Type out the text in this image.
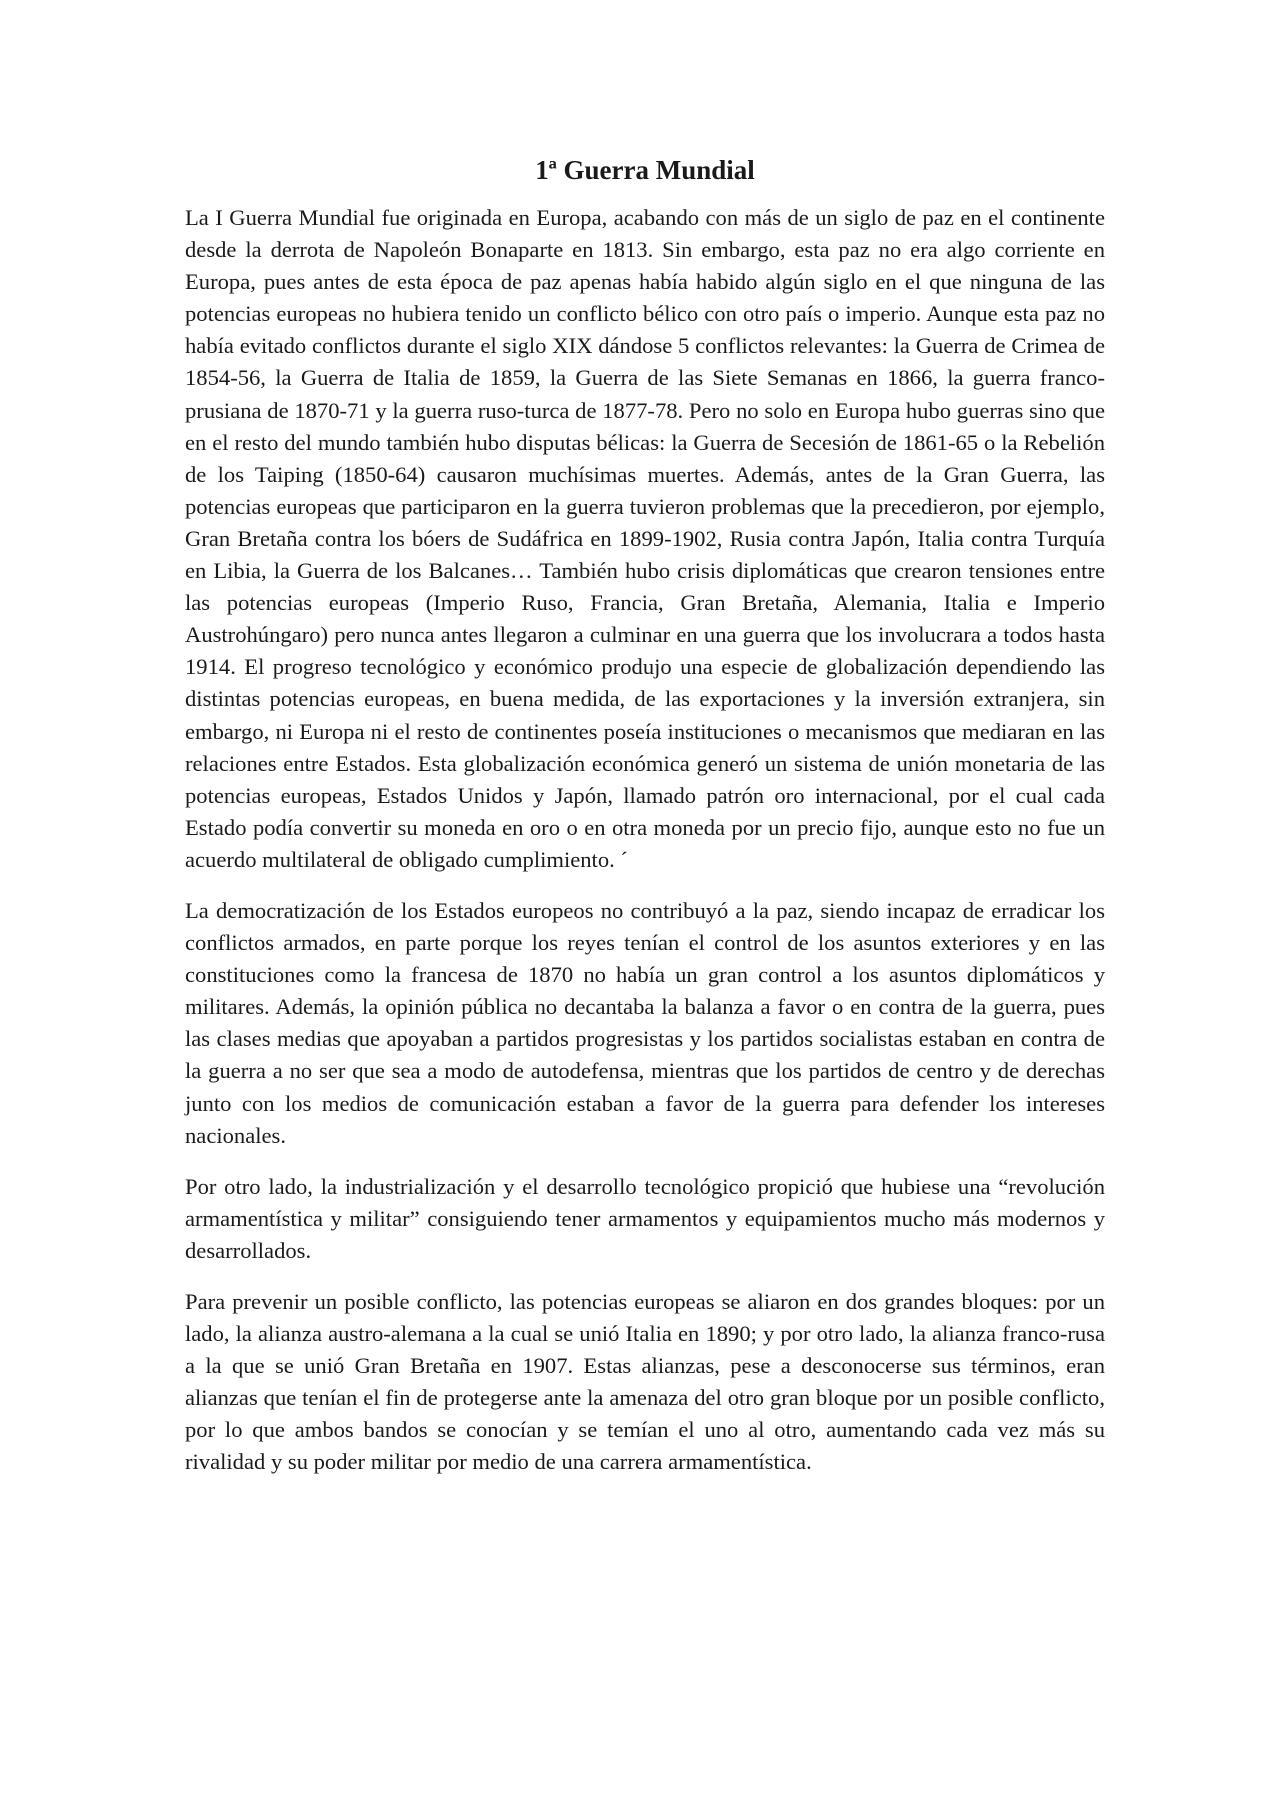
1ª Guerra Mundial

La I Guerra Mundial fue originada en Europa, acabando con más de un siglo de paz en el continente desde la derrota de Napoleón Bonaparte en 1813. Sin embargo, esta paz no era algo corriente en Europa, pues antes de esta época de paz apenas había habido algún siglo en el que ninguna de las potencias europeas no hubiera tenido un conflicto bélico con otro país o imperio. Aunque esta paz no había evitado conflictos durante el siglo XIX dándose 5 conflictos relevantes: la Guerra de Crimea de 1854-56, la Guerra de Italia de 1859, la Guerra de las Siete Semanas en 1866, la guerra franco-prusiana de 1870-71 y la guerra ruso-turca de 1877-78. Pero no solo en Europa hubo guerras sino que en el resto del mundo también hubo disputas bélicas: la Guerra de Secesión de 1861-65 o la Rebelión de los Taiping (1850-64) causaron muchísimas muertes. Además, antes de la Gran Guerra, las potencias europeas que participaron en la guerra tuvieron problemas que la precedieron, por ejemplo, Gran Bretaña contra los bóers de Sudáfrica en 1899-1902, Rusia contra Japón, Italia contra Turquía en Libia, la Guerra de los Balcanes… También hubo crisis diplomáticas que crearon tensiones entre las potencias europeas (Imperio Ruso, Francia, Gran Bretaña, Alemania, Italia e Imperio Austrohúngaro) pero nunca antes llegaron a culminar en una guerra que los involucrara a todos hasta 1914. El progreso tecnológico y económico produjo una especie de globalización dependiendo las distintas potencias europeas, en buena medida, de las exportaciones y la inversión extranjera, sin embargo, ni Europa ni el resto de continentes poseía instituciones o mecanismos que mediaran en las relaciones entre Estados. Esta globalización económica generó un sistema de unión monetaria de las potencias europeas, Estados Unidos y Japón, llamado patrón oro internacional, por el cual cada Estado podía convertir su moneda en oro o en otra moneda por un precio fijo, aunque esto no fue un acuerdo multilateral de obligado cumplimiento. ´

La democratización de los Estados europeos no contribuyó a la paz, siendo incapaz de erradicar los conflictos armados, en parte porque los reyes tenían el control de los asuntos exteriores y en las constituciones como la francesa de 1870 no había un gran control a los asuntos diplomáticos y militares. Además, la opinión pública no decantaba la balanza a favor o en contra de la guerra, pues las clases medias que apoyaban a partidos progresistas y los partidos socialistas estaban en contra de la guerra a no ser que sea a modo de autodefensa, mientras que los partidos de centro y de derechas junto con los medios de comunicación estaban a favor de la guerra para defender los intereses nacionales.

Por otro lado, la industrialización y el desarrollo tecnológico propició que hubiese una “revolución armamentística y militar” consiguiendo tener armamentos y equipamientos mucho más modernos y desarrollados.

Para prevenir un posible conflicto, las potencias europeas se aliaron en dos grandes bloques: por un lado, la alianza austro-alemana a la cual se unió Italia en 1890; y por otro lado, la alianza franco-rusa a la que se unió Gran Bretaña en 1907. Estas alianzas, pese a desconocerse sus términos, eran alianzas que tenían el fin de protegerse ante la amenaza del otro gran bloque por un posible conflicto, por lo que ambos bandos se conocían y se temían el uno al otro, aumentando cada vez más su rivalidad y su poder militar por medio de una carrera armamentística.
